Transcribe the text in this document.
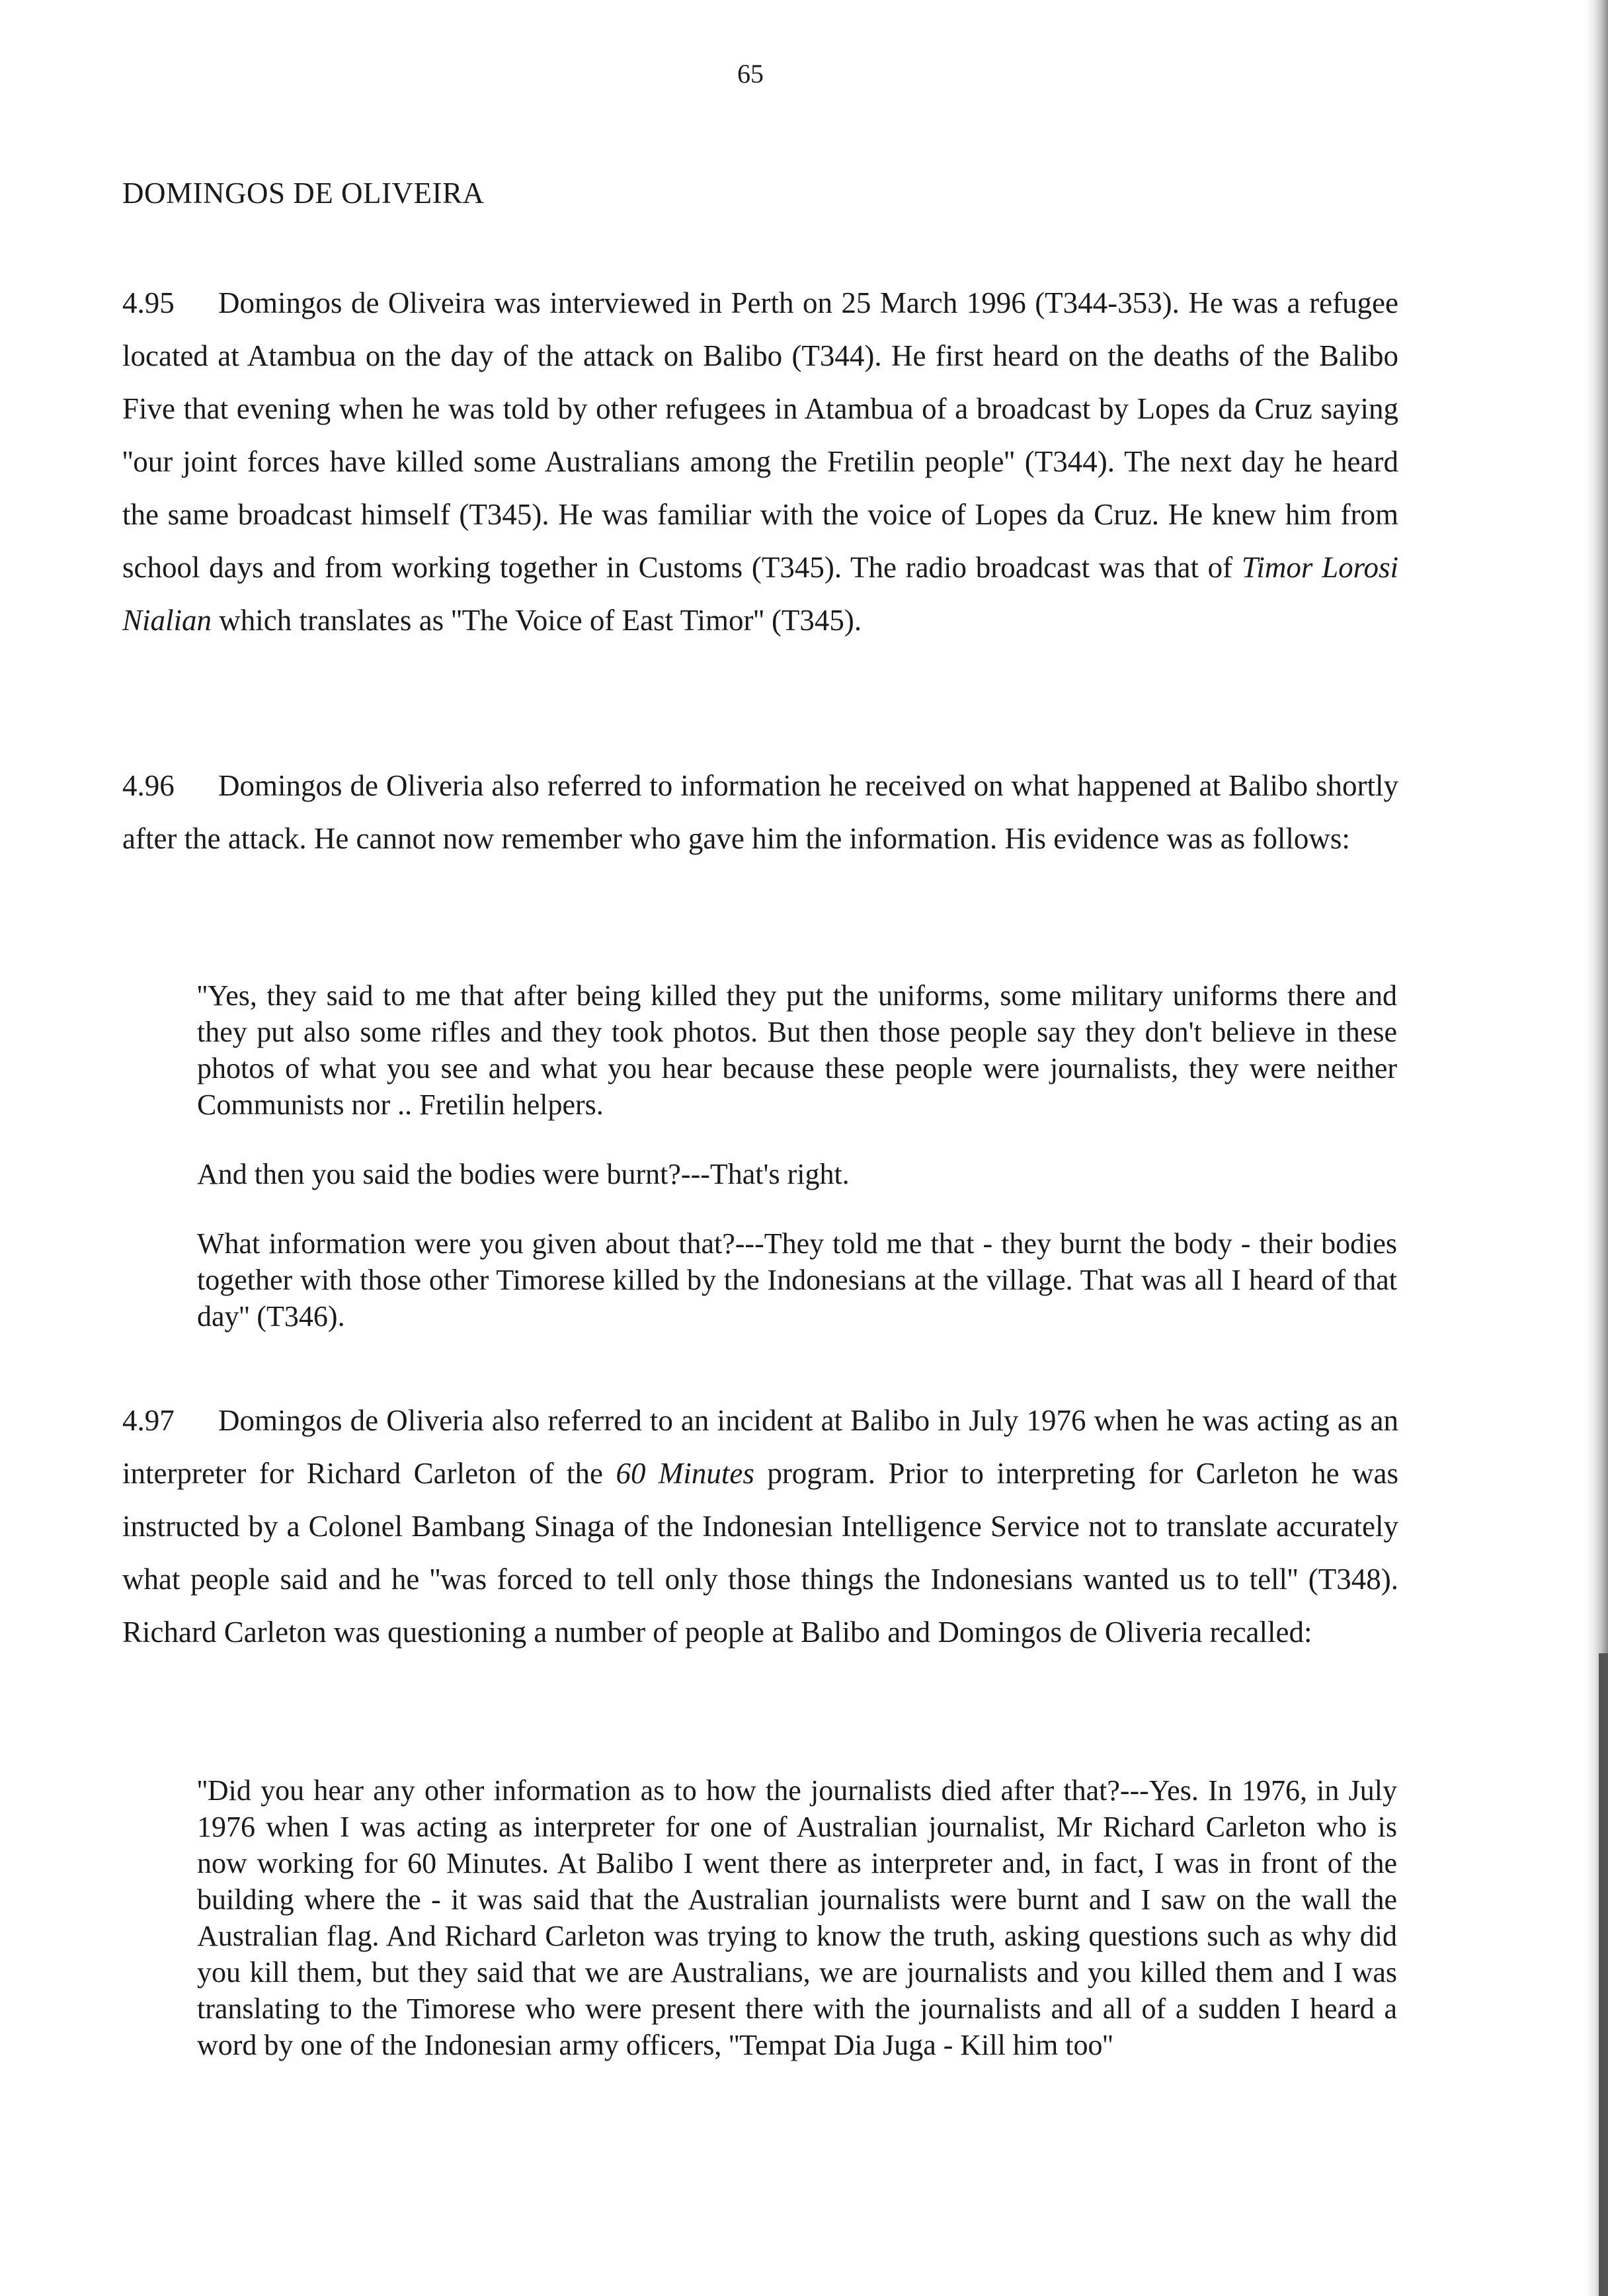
65
DOMINGOS DE OLIVEIRA

4.95 Domingos de Oliveira was interviewed in Perth on 25 March 1996 (T344-353). He was a refugee located at Atambua on the day of the attack on Balibo (T344). He first heard on the deaths of the Balibo Five that evening when he was told by other refugees in Atambua of a broadcast by Lopes da Cruz saying ''our joint forces have killed some Australians among the Fretilin people'' (T344). The next day he heard the same broadcast himself (T345). He was familiar with the voice of Lopes da Cruz. He knew him from school days and from working together in Customs (T345). The radio broadcast was that of Timor Lorosi Nialian which translates as ''The Voice of East Timor'' (T345).

4.96 Domingos de Oliveria also referred to information he received on what happened at Balibo shortly after the attack. He cannot now remember who gave him the information. His evidence was as follows:

''Yes, they said to me that after being killed they put the uniforms, some military uniforms there and they put also some rifles and they took photos. But then those people say they don't believe in these photos of what you see and what you hear because these people were journalists, they were neither Communists nor .. Fretilin helpers.

And then you said the bodies were burnt?---That's right.

What information were you given about that?---They told me that - they burnt the body - their bodies together with those other Timorese killed by the Indonesians at the village. That was all I heard of that day'' (T346).

4.97 Domingos de Oliveria also referred to an incident at Balibo in July 1976 when he was acting as an interpreter for Richard Carleton of the 60 Minutes program. Prior to interpreting for Carleton he was instructed by a Colonel Bambang Sinaga of the Indonesian Intelligence Service not to translate accurately what people said and he ''was forced to tell only those things the Indonesians wanted us to tell'' (T348). Richard Carleton was questioning a number of people at Balibo and Domingos de Oliveria recalled:

''Did you hear any other information as to how the journalists died after that?---Yes. In 1976, in July 1976 when I was acting as interpreter for one of Australian journalist, Mr Richard Carleton who is now working for 60 Minutes. At Balibo I went there as interpreter and, in fact, I was in front of the building where the - it was said that the Australian journalists were burnt and I saw on the wall the Australian flag. And Richard Carleton was trying to know the truth, asking questions such as why did you kill them, but they said that we are Australians, we are journalists and you killed them and I was translating to the Timorese who were present there with the journalists and all of a sudden I heard a word by one of the Indonesian army officers, ''Tempat Dia Juga - Kill him too''
